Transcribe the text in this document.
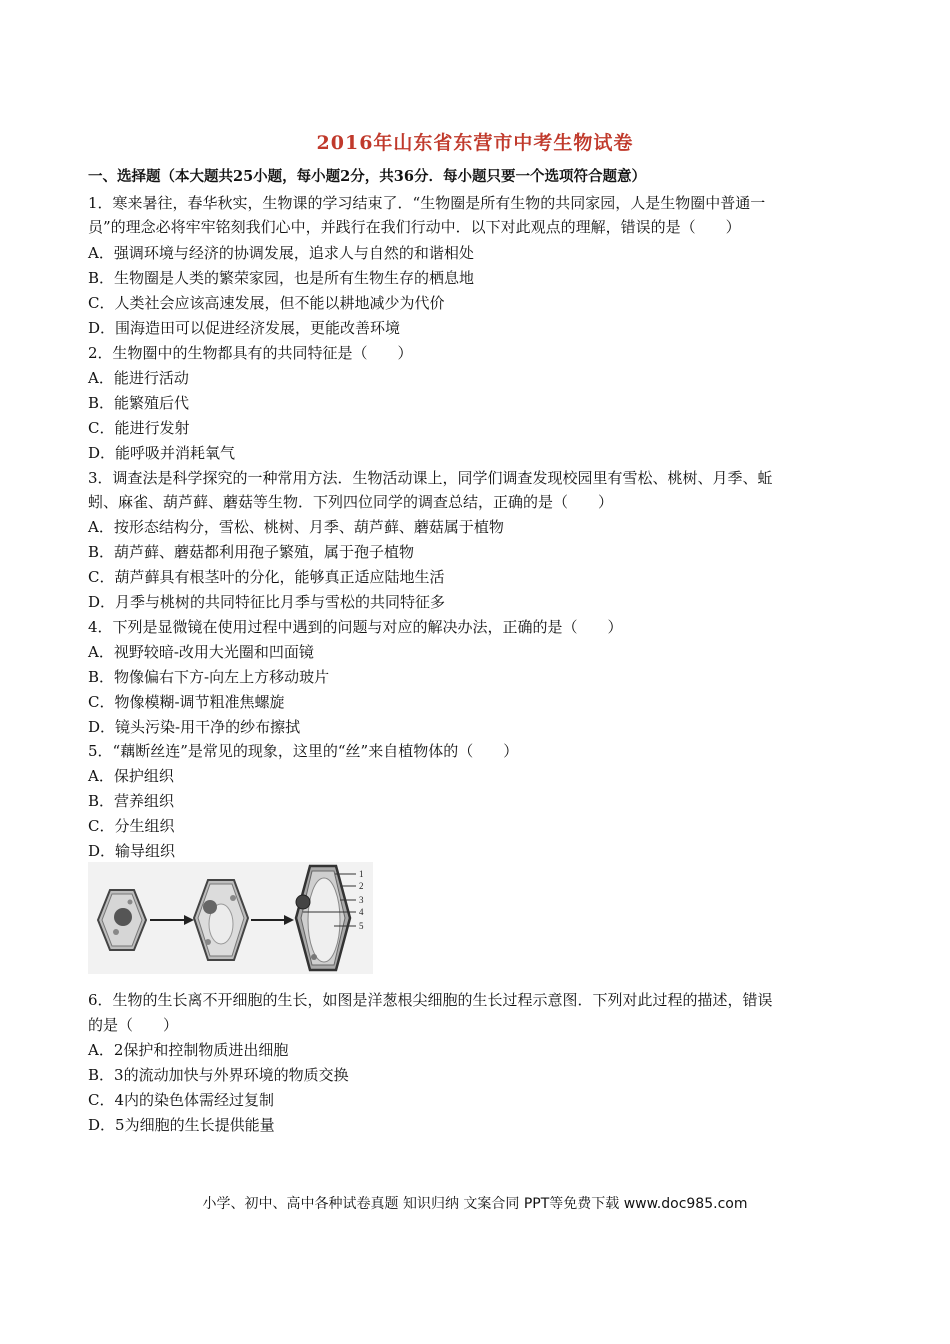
2016年山东省东营市中考生物试卷
一、选择题（本大题共25小题，每小题2分，共36分．每小题只要一个选项符合题意）
1．寒来暑往，春华秋实，生物课的学习结束了．“生物圈是所有生物的共同家园，人是生物圈中普通一
员”的理念必将牢牢铭刻我们心中，并践行在我们行动中．以下对此观点的理解，错误的是（　　）
A．强调环境与经济的协调发展，追求人与自然的和谐相处
B．生物圈是人类的繁荣家园，也是所有生物生存的栖息地
C．人类社会应该高速发展，但不能以耕地减少为代价
D．围海造田可以促进经济发展，更能改善环境
2．生物圈中的生物都具有的共同特征是（　　）
A．能进行活动
B．能繁殖后代
C．能进行发射
D．能呼吸并消耗氧气
3．调查法是科学探究的一种常用方法．生物活动课上，同学们调查发现校园里有雪松、桃树、月季、蚯
蚓、麻雀、葫芦藓、蘑菇等生物．下列四位同学的调查总结，正确的是（　　）
A．按形态结构分，雪松、桃树、月季、葫芦藓、蘑菇属于植物
B．葫芦藓、蘑菇都利用孢子繁殖，属于孢子植物
C．葫芦藓具有根茎叶的分化，能够真正适应陆地生活
D．月季与桃树的共同特征比月季与雪松的共同特征多
4．下列是显微镜在使用过程中遇到的问题与对应的解决办法，正确的是（　　）
A．视野较暗-改用大光圈和凹面镜
B．物像偏右下方-向左上方移动玻片
C．物像模糊-调节粗准焦螺旋
D．镜头污染-用干净的纱布擦拭
5．“藕断丝连”是常见的现象，这里的“丝”来自植物体的（　　）
A．保护组织
B．营养组织
C．分生组织
D．输导组织
1
2
3
4
5
6．生物的生长离不开细胞的生长，如图是洋葱根尖细胞的生长过程示意图．下列对此过程的描述，错误
的是（　　）
A．2保护和控制物质进出细胞
B．3的流动加快与外界环境的物质交换
C．4内的染色体需经过复制
D．5为细胞的生长提供能量
小学、初中、高中各种试卷真题 知识归纳 文案合同 PPT等免费下载 www.doc985.com
